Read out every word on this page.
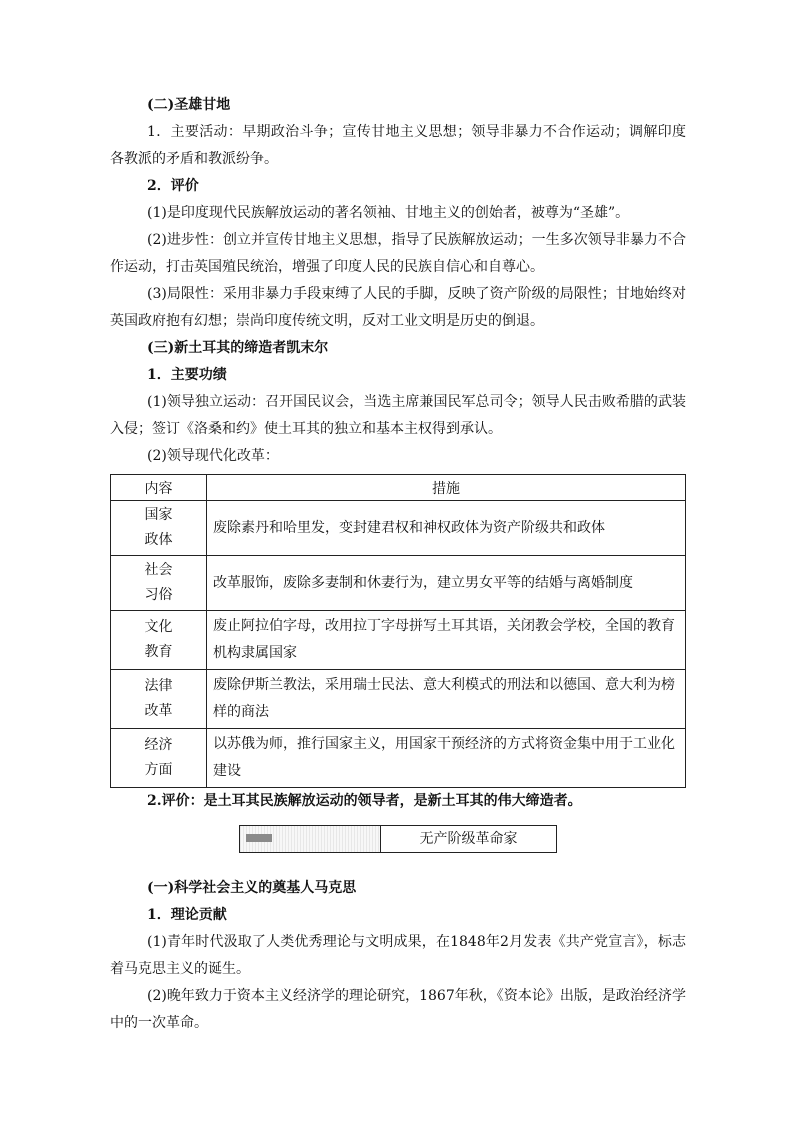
(二)圣雄甘地

1．主要活动：早期政治斗争；宣传甘地主义思想；领导非暴力不合作运动；调解印度各教派的矛盾和教派纷争。

2．评价

(1)是印度现代民族解放运动的著名领袖、甘地主义的创始者，被尊为“圣雄”。

(2)进步性：创立并宣传甘地主义思想，指导了民族解放运动；一生多次领导非暴力不合作运动，打击英国殖民统治，增强了印度人民的民族自信心和自尊心。

(3)局限性：采用非暴力手段束缚了人民的手脚，反映了资产阶级的局限性；甘地始终对英国政府抱有幻想；崇尚印度传统文明，反对工业文明是历史的倒退。

(三)新土耳其的缔造者凯末尔

1．主要功绩

(1)领导独立运动：召开国民议会，当选主席兼国民军总司令；领导人民击败希腊的武装入侵；签订《洛桑和约》使土耳其的独立和基本主权得到承认。

(2)领导现代化改革：

内容	措施
国家
政体	废除素丹和哈里发，变封建君权和神权政体为资产阶级共和政体
社会
习俗	改革服饰，废除多妻制和休妻行为，建立男女平等的结婚与离婚制度
文化
教育	废止阿拉伯字母，改用拉丁字母拼写土耳其语，关闭教会学校，全国的教育机构隶属国家
法律
改革	废除伊斯兰教法，采用瑞士民法、意大利模式的刑法和以德国、意大利为榜样的商法
经济
方面	以苏俄为师，推行国家主义，用国家干预经济的方式将资金集中用于工业化建设

2.评价：是土耳其民族解放运动的领导者，是新土耳其的伟大缔造者。

无产阶级革命家

(一)科学社会主义的奠基人马克思

1．理论贡献

(1)青年时代汲取了人类优秀理论与文明成果，在1848年2月发表《共产党宣言》，标志着马克思主义的诞生。

(2)晚年致力于资本主义经济学的理论研究，1867年秋，《资本论》出版，是政治经济学中的一次革命。
